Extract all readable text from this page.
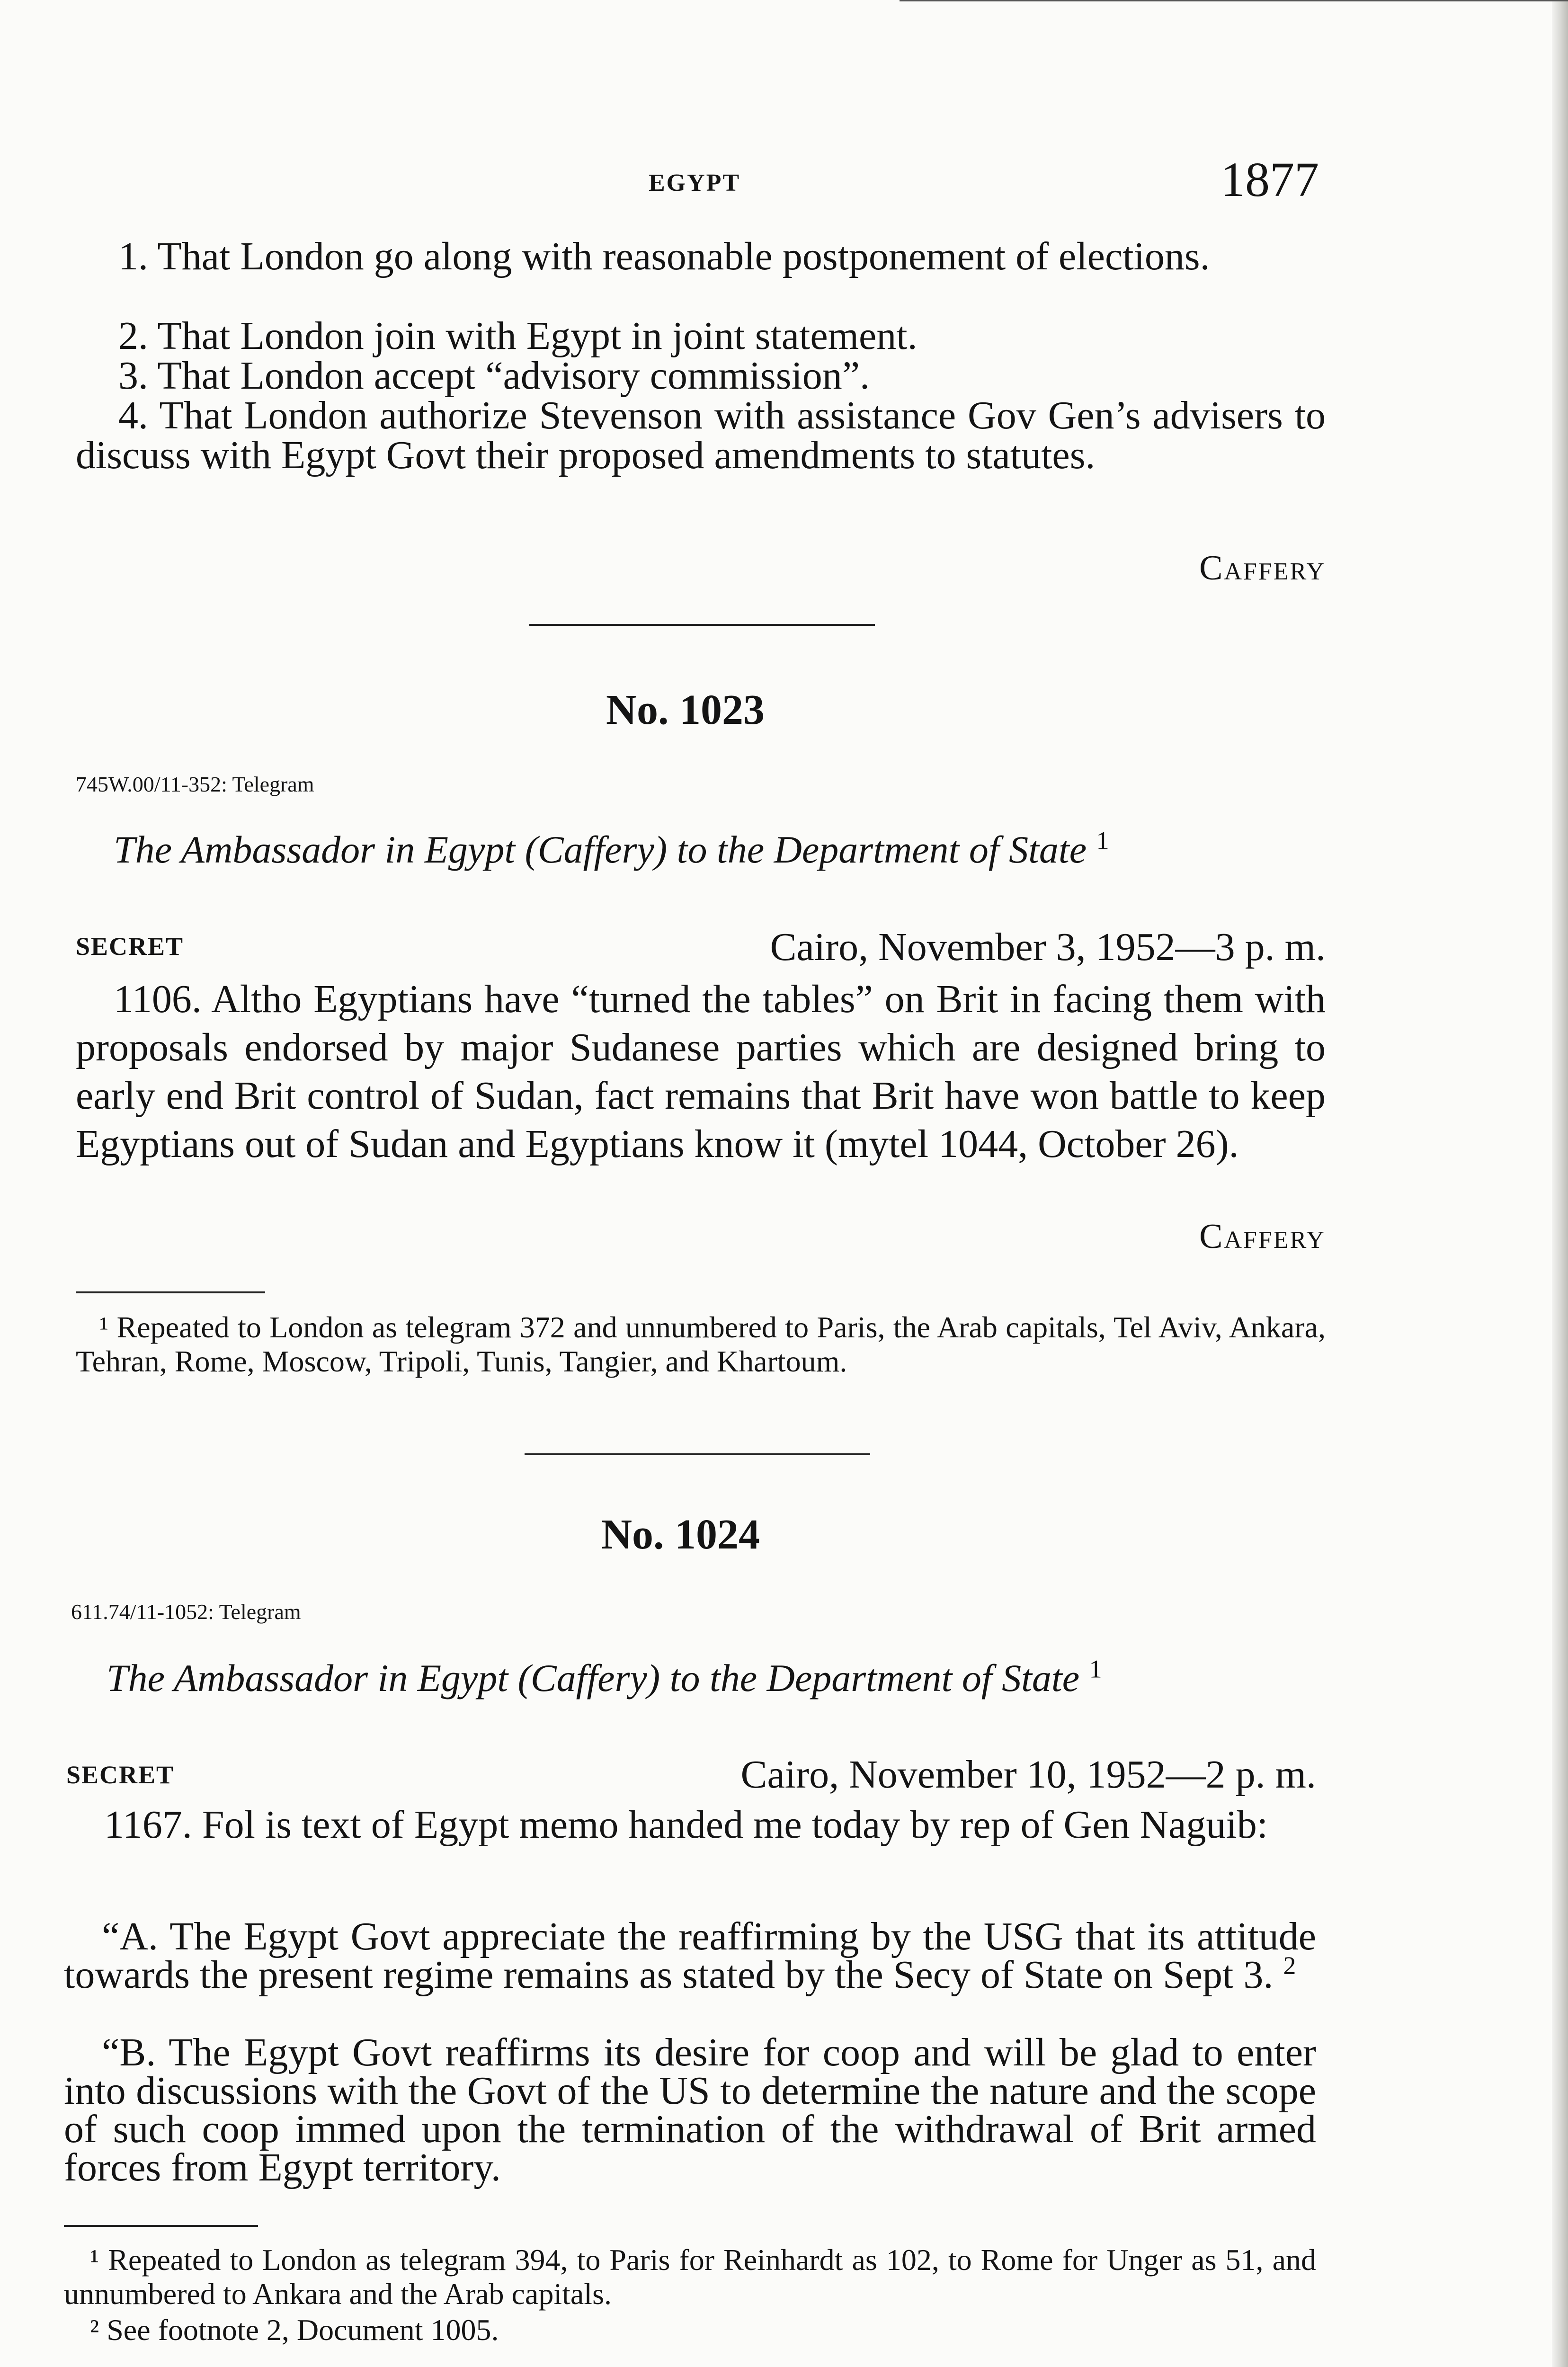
EGYPT	1877
1. That London go along with reasonable postponement of elections.
2. That London join with Egypt in joint statement.
3. That London accept “advisory commission”.
4. That London authorize Stevenson with assistance Gov Gen’s advisers to discuss with Egypt Govt their proposed amendments to statutes.
Caffery
No. 1023
745W.00/11-352: Telegram
The Ambassador in Egypt (Caffery) to the Department of State $^1$
SECRET	Cairo, November 3, 1952—3 p. m.
1106. Altho Egyptians have “turned the tables” on Brit in facing them with proposals endorsed by major Sudanese parties which are designed bring to early end Brit control of Sudan, fact remains that Brit have won battle to keep Egyptians out of Sudan and Egyptians know it (mytel 1044, October 26).
Caffery
¹ Repeated to London as telegram 372 and unnumbered to Paris, the Arab capitals, Tel Aviv, Ankara, Tehran, Rome, Moscow, Tripoli, Tunis, Tangier, and Khartoum.
No. 1024
611.74/11-1052: Telegram
The Ambassador in Egypt (Caffery) to the Department of State $^1$
SECRET	Cairo, November 10, 1952—2 p. m.
1167. Fol is text of Egypt memo handed me today by rep of Gen Naguib:
“A. The Egypt Govt appreciate the reaffirming by the USG that its attitude towards the present regime remains as stated by the Secy of State on Sept 3. $^2$
“B. The Egypt Govt reaffirms its desire for coop and will be glad to enter into discussions with the Govt of the US to determine the nature and the scope of such coop immed upon the termination of the withdrawal of Brit armed forces from Egypt territory.
¹ Repeated to London as telegram 394, to Paris for Reinhardt as 102, to Rome for Unger as 51, and unnumbered to Ankara and the Arab capitals.
² See footnote 2, Document 1005.
